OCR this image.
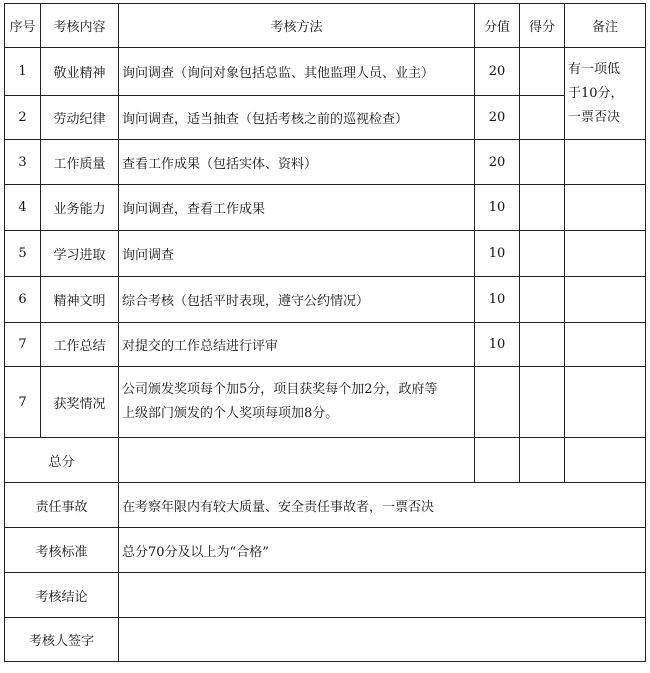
序号	考核内容	考核方法	分值	得分	备注
1	敬业精神	询问调查（询问对象包括总监、其他监理人员、业主）	20		有一项低
于10分，
一票否决
2	劳动纪律	询问调查，适当抽查（包括考核之前的巡视检查）	20		
3	工作质量	查看工作成果（包括实体、资料）	20		
4	业务能力	询问调查，查看工作成果	10		
5	学习进取	询问调查	10		
6	精神文明	综合考核（包括平时表现，遵守公约情况）	10		
7	工作总结	对提交的工作总结进行评审	10		
7	获奖情况	公司颁发奖项每个加5分，项目获奖每个加2分，政府等
上级部门颁发的个人奖项每项加8分。			
总分					
责任事故		在考察年限内有较大质量、安全责任事故者，一票否决			
考核标准		总分70分及以上为“合格”			
考核结论					
考核人签字					
